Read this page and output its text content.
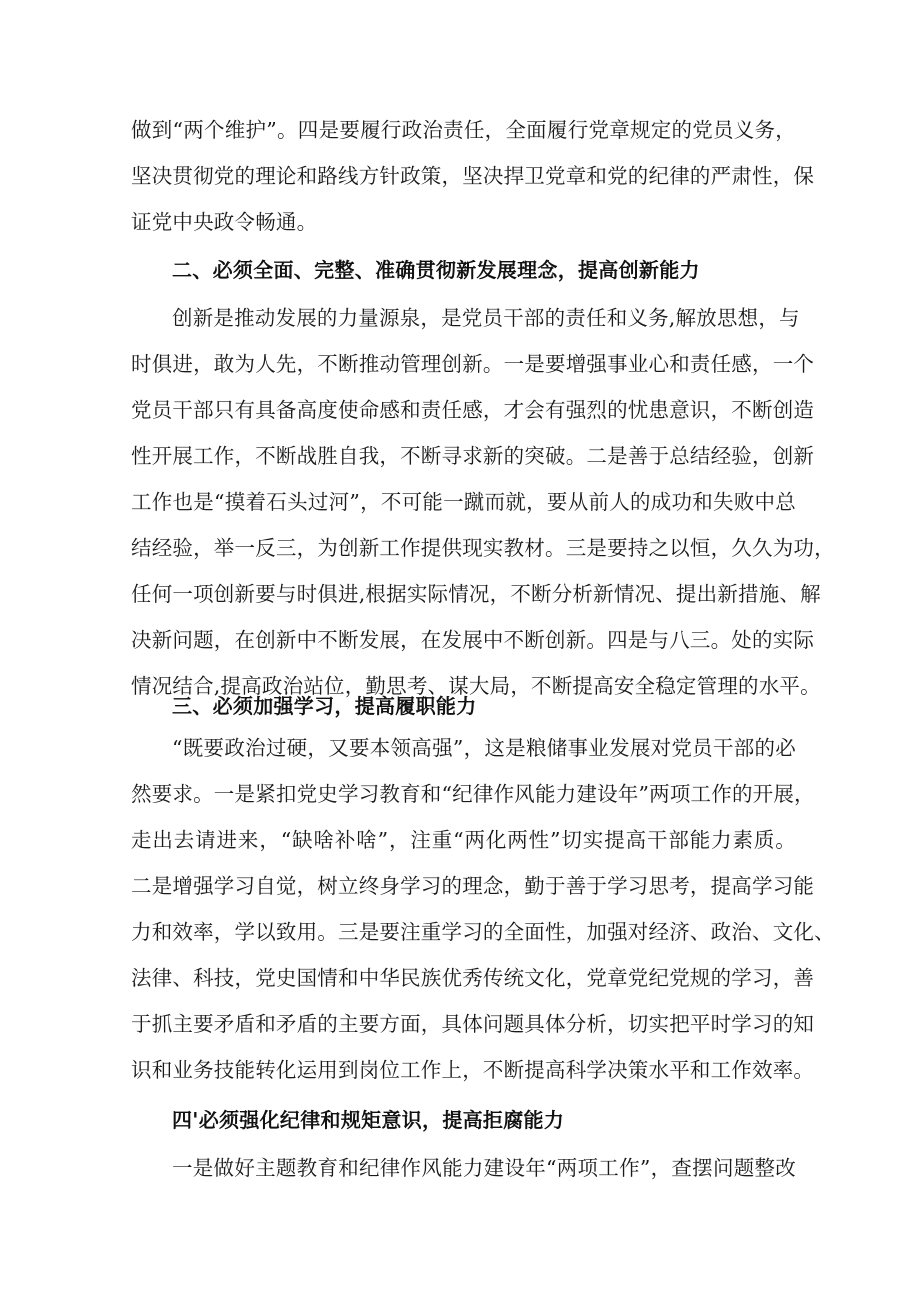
做到“两个维护”。四是要履行政治责任，全面履行党章规定的党员义务，
坚决贯彻党的理论和路线方针政策，坚决捍卫党章和党的纪律的严肃性，保
证党中央政令畅通。
二、必须全面、完整、准确贯彻新发展理念，提高创新能力
创新是推动发展的力量源泉，是党员干部的责任和义务,解放思想，与
时俱进，敢为人先，不断推动管理创新。一是要增强事业心和责任感，一个
党员干部只有具备高度使命感和责任感，才会有强烈的忧患意识，不断创造
性开展工作，不断战胜自我，不断寻求新的突破。二是善于总结经验，创新
工作也是“摸着石头过河”，不可能一蹴而就，要从前人的成功和失败中总
结经验，举一反三，为创新工作提供现实教材。三是要持之以恒，久久为功，
任何一项创新要与时俱进,根据实际情况，不断分析新情况、提出新措施、解
决新问题，在创新中不断发展，在发展中不断创新。四是与八三。处的实际
情况结合,提高政治站位，勤思考、谋大局，不断提高安全稳定管理的水平。
三、必须加强学习，提高履职能力
“既要政治过硬，又要本领高强”，这是粮储事业发展对党员干部的必
然要求。一是紧扣党史学习教育和“纪律作风能力建设年”两项工作的开展，
走出去请进来，“缺啥补啥”，注重“两化两性”切实提高干部能力素质。
二是增强学习自觉，树立终身学习的理念，勤于善于学习思考，提高学习能
力和效率，学以致用。三是要注重学习的全面性，加强对经济、政治、文化、
法律、科技，党史国情和中华民族优秀传统文化，党章党纪党规的学习，善
于抓主要矛盾和矛盾的主要方面，具体问题具体分析，切实把平时学习的知
识和业务技能转化运用到岗位工作上，不断提高科学决策水平和工作效率。
四'必须强化纪律和规矩意识，提高拒腐能力
一是做好主题教育和纪律作风能力建设年“两项工作”，查摆问题整改
